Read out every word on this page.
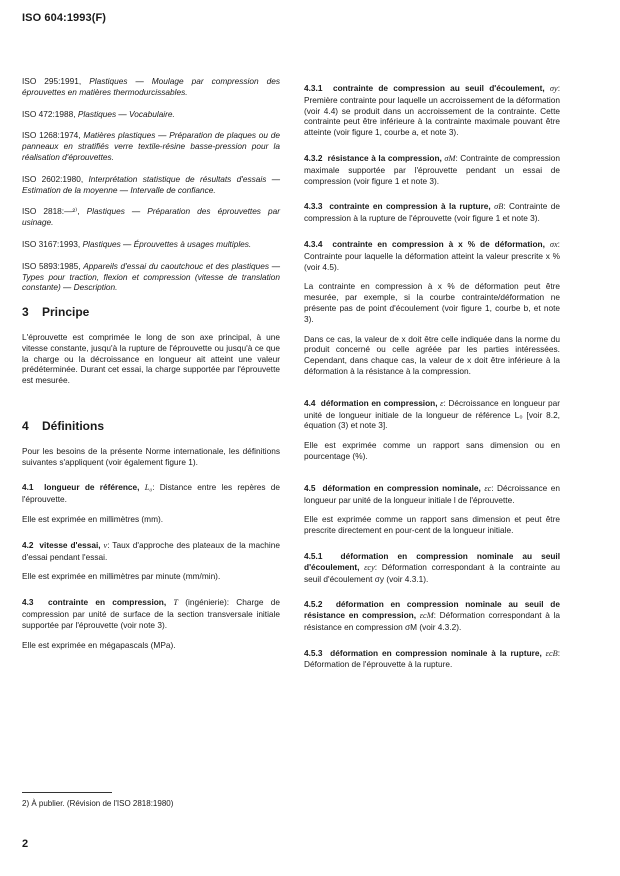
ISO 604:1993(F)

ISO 295:1991, Plastiques — Moulage par compression des éprouvettes en matières thermodurcissables.

ISO 472:1988, Plastiques — Vocabulaire.

ISO 1268:1974, Matières plastiques — Préparation de plaques ou de panneaux en stratifiés verre textile-résine basse-pression pour la réalisation d'éprouvettes.

ISO 2602:1980, Interprétation statistique de résultats d'essais — Estimation de la moyenne — Intervalle de confiance.

ISO 2818:—²⁾, Plastiques — Préparation des éprouvettes par usinage.

ISO 3167:1993, Plastiques — Éprouvettes à usages multiples.

ISO 5893:1985, Appareils d'essai du caoutchouc et des plastiques — Types pour traction, flexion et compression (vitesse de translation constante) — Description.

3 Principe

L'éprouvette est comprimée le long de son axe principal, à une vitesse constante, jusqu'à la rupture de l'éprouvette ou jusqu'à ce que la charge ou la décroissance en longueur ait atteint une valeur prédéterminée. Durant cet essai, la charge supportée par l'éprouvette est mesurée.

4 Définitions

Pour les besoins de la présente Norme internationale, les définitions suivantes s'appliquent (voir également figure 1).

4.1 longueur de référence, L₀: Distance entre les repères de l'éprouvette.

Elle est exprimée en millimètres (mm).

4.2 vitesse d'essai, v: Taux d'approche des plateaux de la machine d'essai pendant l'essai.

Elle est exprimée en millimètres par minute (mm/min).

4.3 contrainte en compression, T (ingénierie): Charge de compression par unité de surface de la section transversale initiale supportée par l'éprouvette (voir note 3).

Elle est exprimée en mégapascals (MPa).

4.3.1 contrainte de compression au seuil d'écoulement, σy: Première contrainte pour laquelle un accroissement de la déformation (voir 4.4) se produit dans un accroissement de la contrainte. Cette contrainte peut être inférieure à la contrainte maximale pouvant être atteinte (voir figure 1, courbe a, et note 3).

4.3.2 résistance à la compression, σM: Contrainte de compression maximale supportée par l'éprouvette pendant un essai de compression (voir figure 1 et note 3).

4.3.3 contrainte en compression à la rupture, σB: Contrainte de compression à la rupture de l'éprouvette (voir figure 1 et note 3).

4.3.4 contrainte en compression à x % de déformation, σx: Contrainte pour laquelle la déformation atteint la valeur prescrite x % (voir 4.5).

La contrainte en compression à x % de déformation peut être mesurée, par exemple, si la courbe contrainte/déformation ne présente pas de point d'écoulement (voir figure 1, courbe b, et note 3).

Dans ce cas, la valeur de x doit être celle indiquée dans la norme du produit concerné ou celle agréée par les parties intéressées. Cependant, dans chaque cas, la valeur de x doit être inférieure à la déformation à la résistance à la compression.

4.4 déformation en compression, ε: Décroissance en longueur par unité de longueur initiale de la longueur de référence L₀ [voir 8.2, équation (3) et note 3].

Elle est exprimée comme un rapport sans dimension ou en pourcentage (%).

4.5 déformation en compression nominale, εc: Décroissance en longueur par unité de la longueur initiale l de l'éprouvette.

Elle est exprimée comme un rapport sans dimension et peut être prescrite directement en pour-cent de la longueur initiale.

4.5.1 déformation en compression nominale au seuil d'écoulement, εcy: Déformation correspondant à la contrainte au seuil d'écoulement σy (voir 4.3.1).

4.5.2 déformation en compression nominale au seuil de résistance en compression, εcM: Déformation correspondant à la résistance en compression σM (voir 4.3.2).

4.5.3 déformation en compression nominale à la rupture, εcB: Déformation de l'éprouvette à la rupture.

2) À publier. (Révision de l'ISO 2818:1980)
2
